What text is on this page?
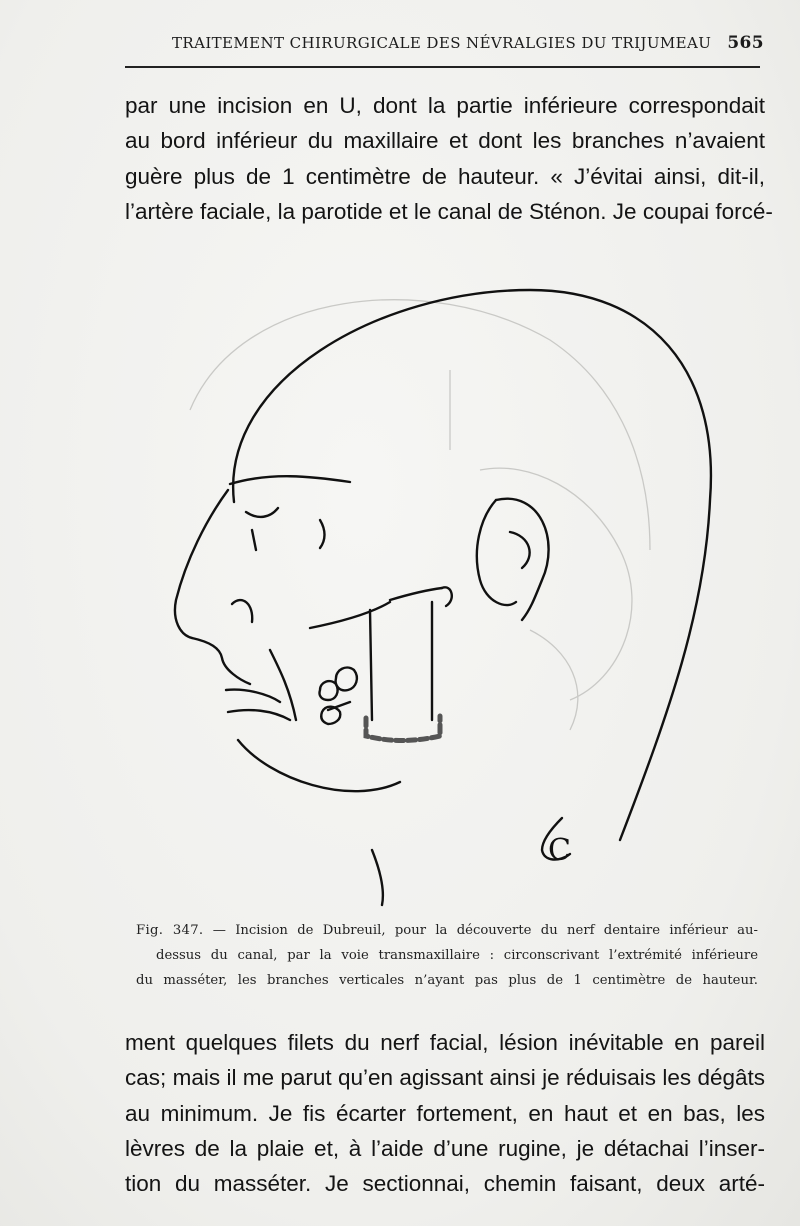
TRAITEMENT CHIRURGICALE DES NÉVRALGIES DU TRIJUMEAU 565

par une incision en U, dont la partie inférieure correspondait
au bord inférieur du maxillaire et dont les branches n’avaient
guère plus de 1 centimètre de hauteur. « J’évitai ainsi, dit-il,
l’artère faciale, la parotide et le canal de Sténon. Je coupai forcé-

C
Fig. 347. — Incision de Dubreuil, pour la découverte du nerf dentaire inférieur au-
dessus du canal, par la voie transmaxillaire : circonscrivant l’extrémité inférieure
du masséter, les branches verticales n’ayant pas plus de 1 centimètre de hauteur.

ment quelques filets du nerf facial, lésion inévitable en pareil
cas; mais il me parut qu’en agissant ainsi je réduisais les dégâts
au minimum. Je fis écarter fortement, en haut et en bas, les
lèvres de la plaie et, à l’aide d’une rugine, je détachai l’inser-
tion du masséter. Je sectionnai, chemin faisant, deux arté-
